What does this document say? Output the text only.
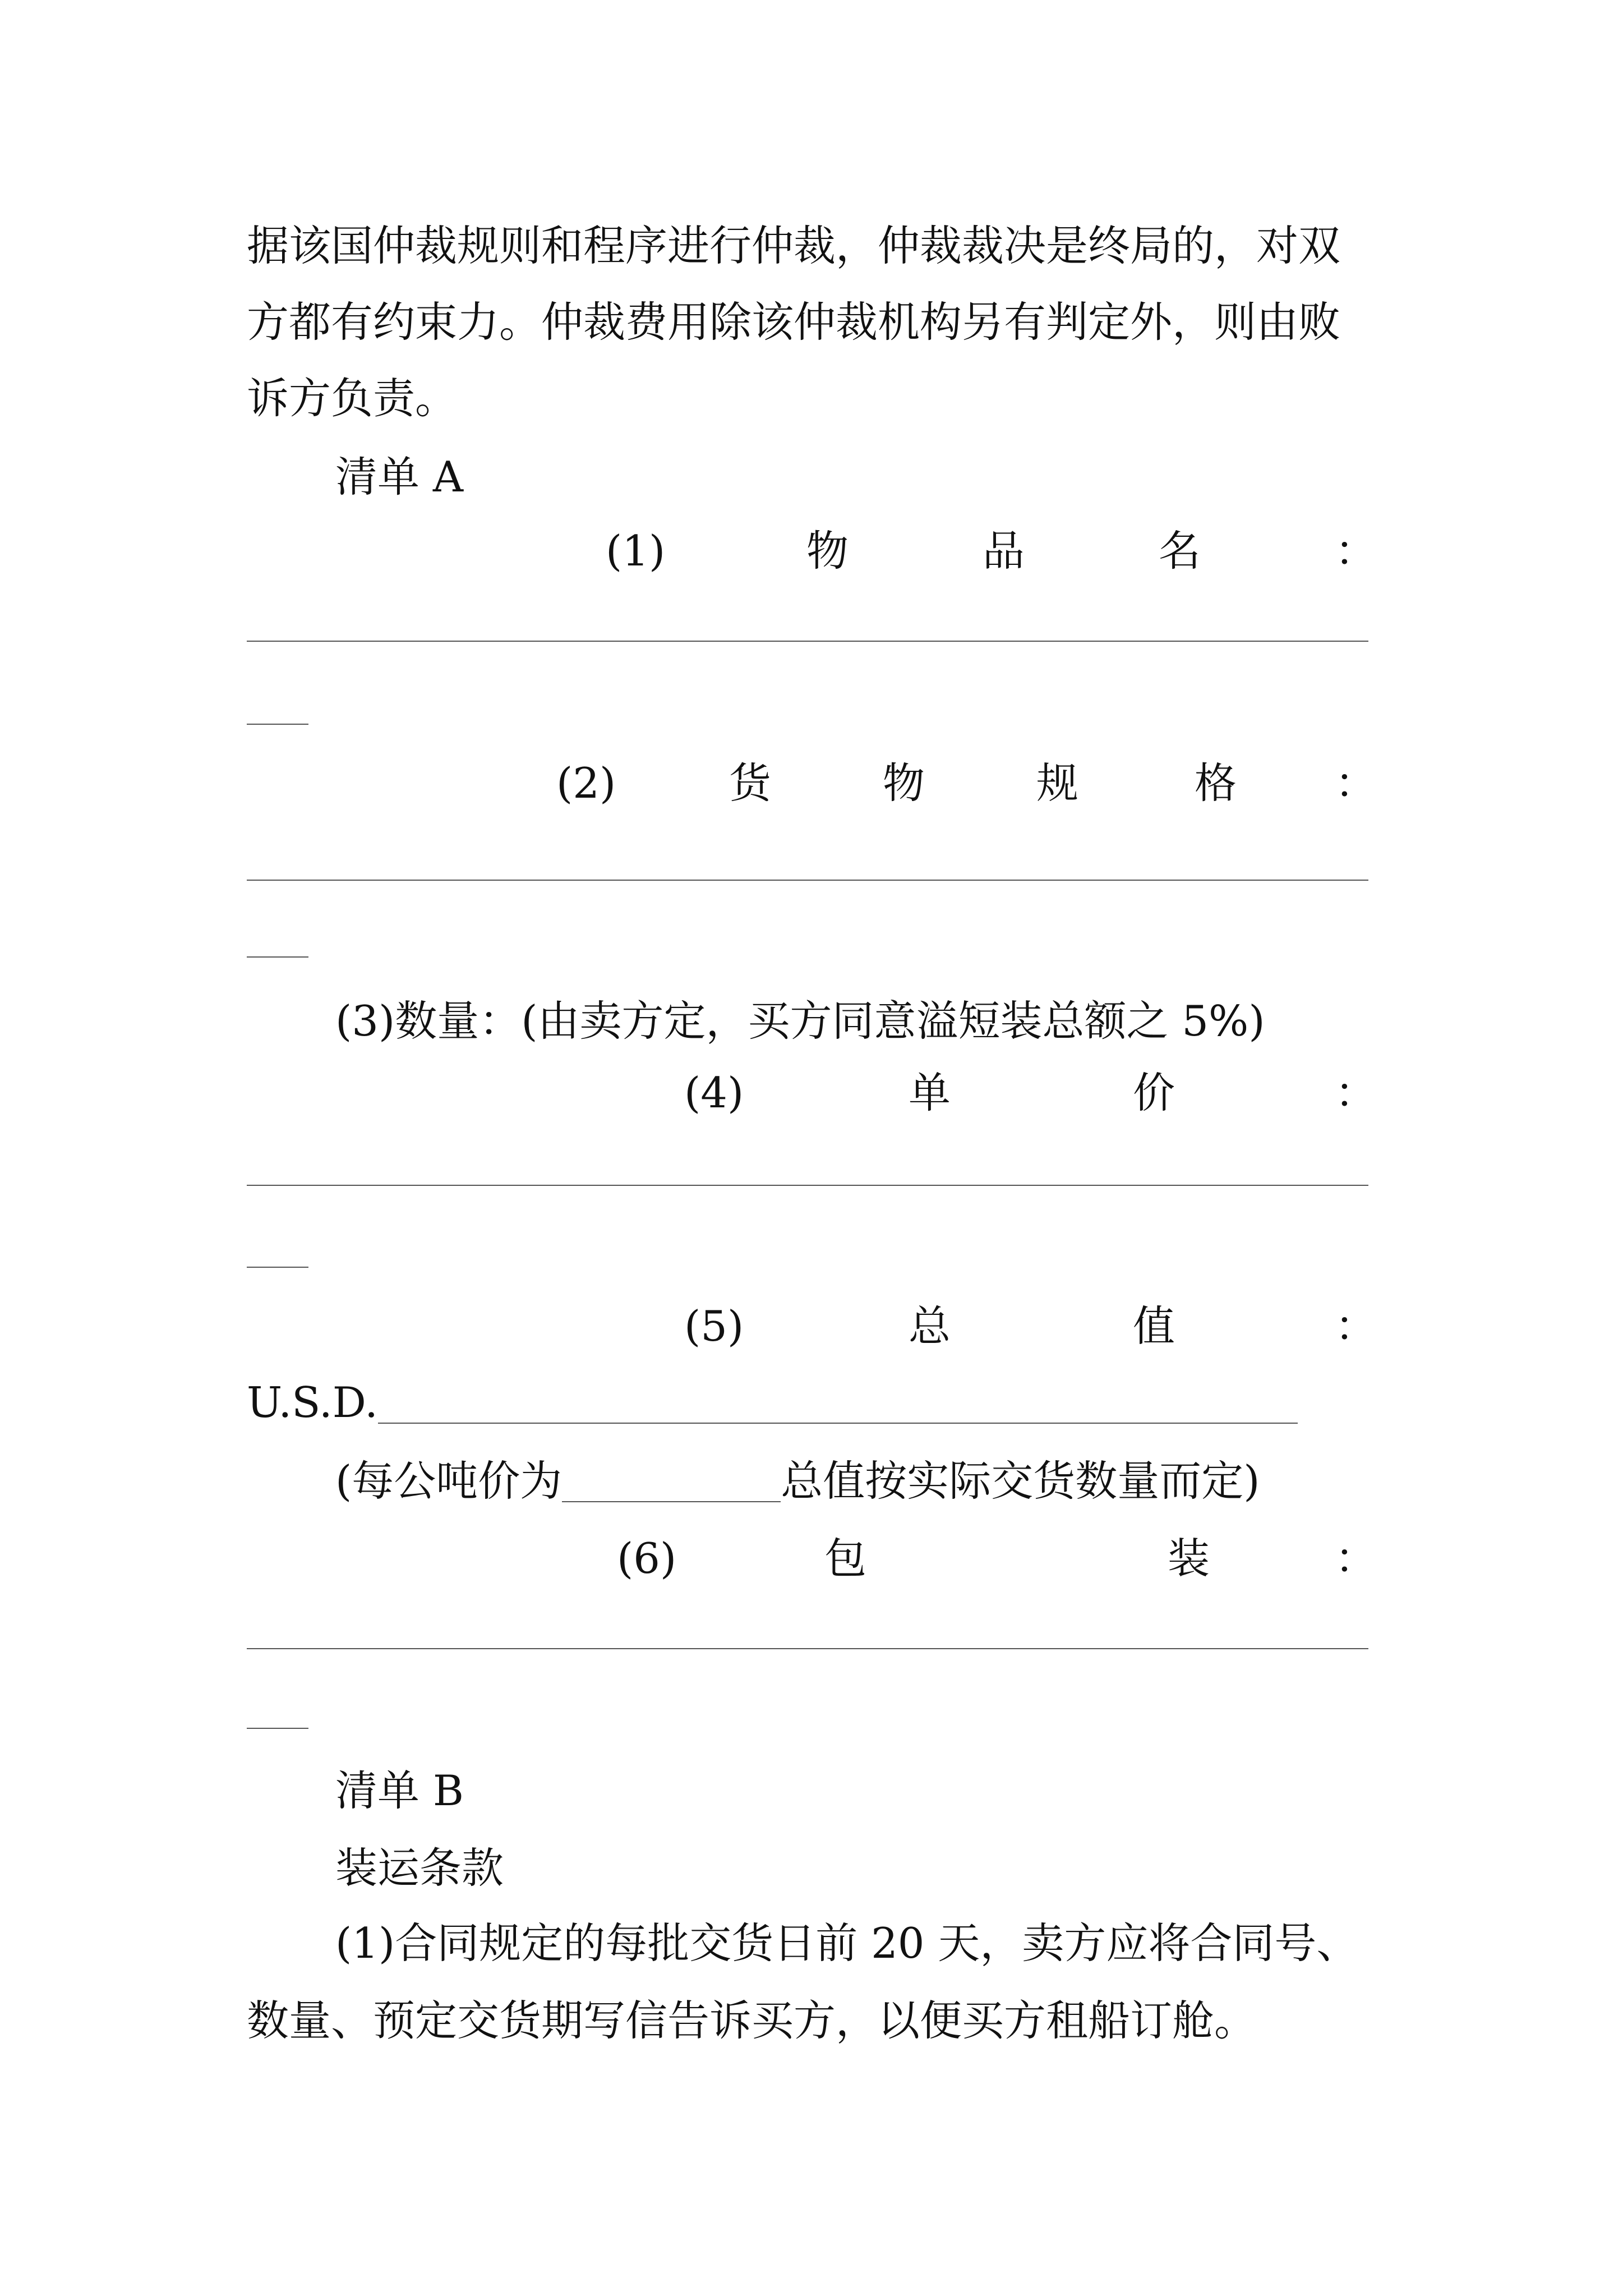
据该国仲裁规则和程序进行仲裁，仲裁裁决是终局的，对双
方都有约束力。仲裁费用除该仲裁机构另有判定外，则由败
诉方负责。
清单 A
(1)	物	品	名	：
(2)	货	物	规	格 ：
(3)数量：(由卖方定，买方同意溢短装总额之 5%)
(4)	单	价	：
(5)	总	值	：
U.S.D.
(每公吨价为	总值按实际交货数量而定)
(6)	包	装	：
清单 B
装运条款
(1)合同规定的每批交货日前 20 天，卖方应将合同号、
数量、预定交货期写信告诉买方，以便买方租船订舱。
